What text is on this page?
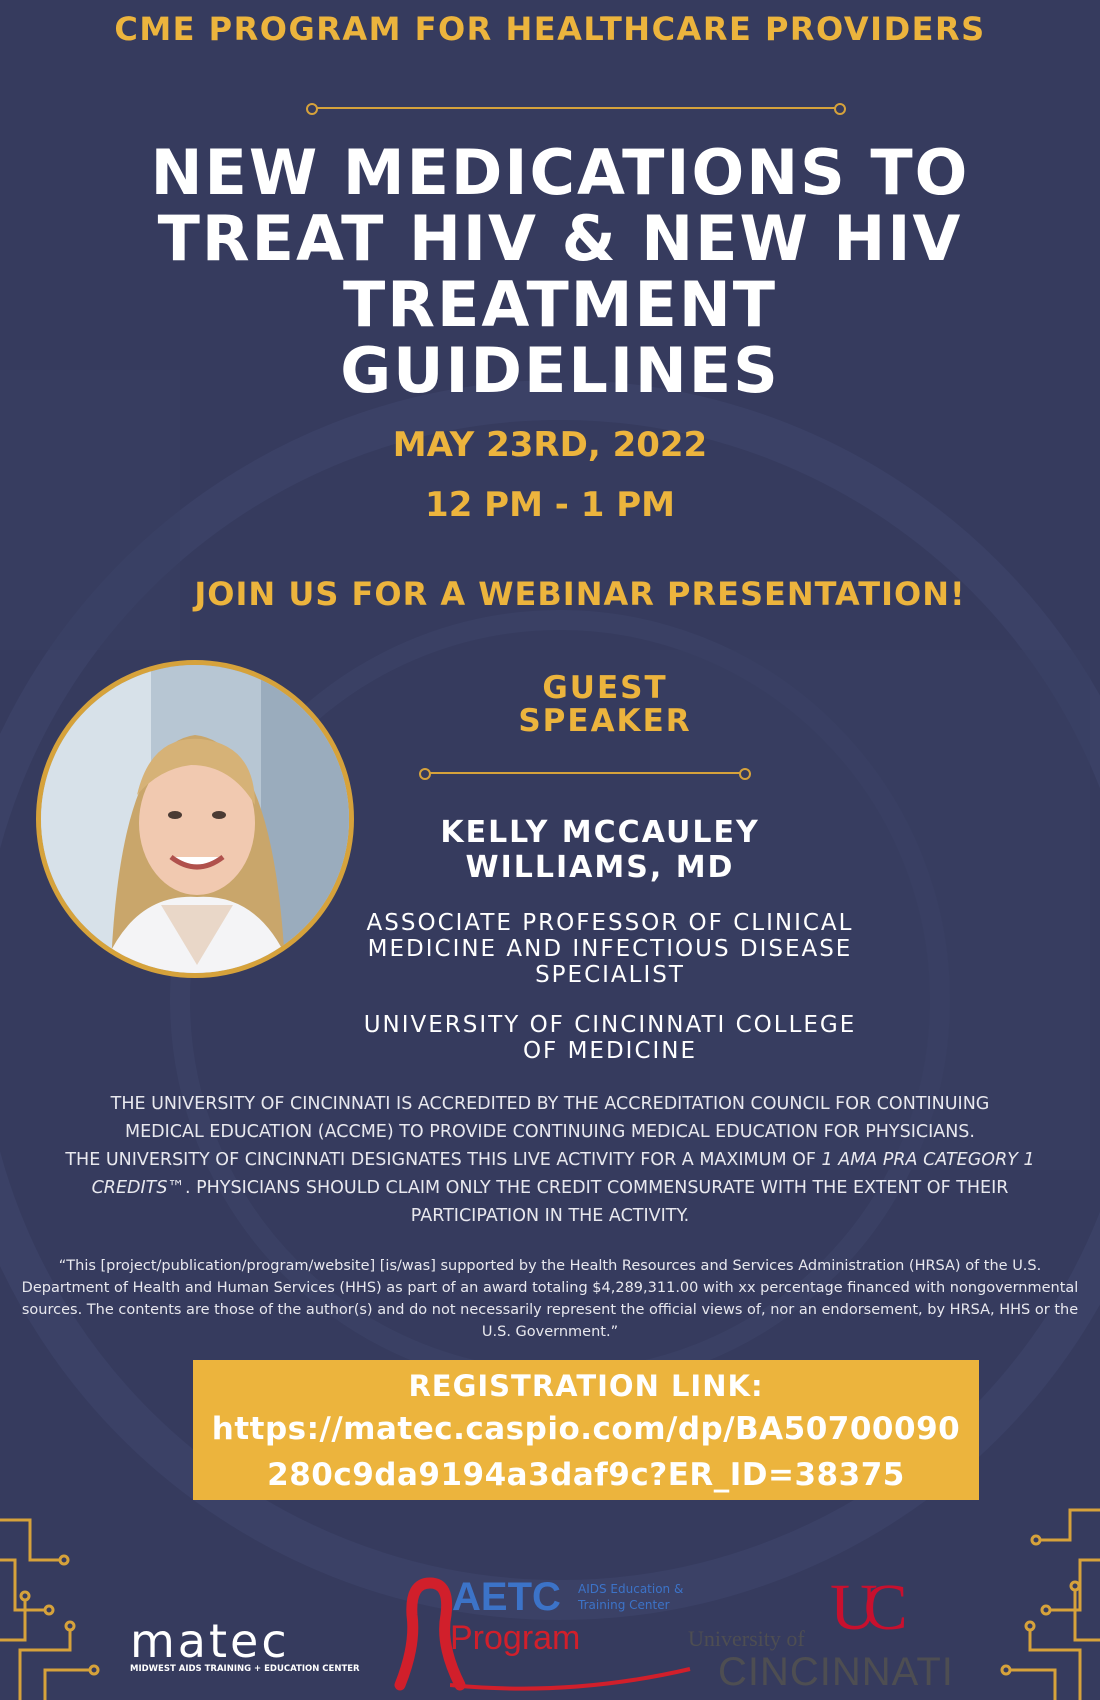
CME PROGRAM FOR HEALTHCARE PROVIDERS
NEW MEDICATIONS TO TREAT HIV & NEW HIV TREATMENT GUIDELINES
MAY 23RD, 2022
12 PM - 1 PM
JOIN US FOR A WEBINAR PRESENTATION!
GUEST
SPEAKER
KELLY MCCAULEY
WILLIAMS, MD
ASSOCIATE PROFESSOR OF CLINICAL
MEDICINE AND INFECTIOUS DISEASE
SPECIALIST
UNIVERSITY OF CINCINNATI COLLEGE
OF MEDICINE
THE UNIVERSITY OF CINCINNATI IS ACCREDITED BY THE ACCREDITATION COUNCIL FOR CONTINUING
MEDICAL EDUCATION (ACCME) TO PROVIDE CONTINUING MEDICAL EDUCATION FOR PHYSICIANS.
THE UNIVERSITY OF CINCINNATI DESIGNATES THIS LIVE ACTIVITY FOR A MAXIMUM OF 1 AMA PRA CATEGORY 1
CREDITS™. PHYSICIANS SHOULD CLAIM ONLY THE CREDIT COMMENSURATE WITH THE EXTENT OF THEIR
PARTICIPATION IN THE ACTIVITY.
“This [project/publication/program/website] [is/was] supported by the Health Resources and Services Administration (HRSA) of the U.S.
Department of Health and Human Services (HHS) as part of an award totaling $4,289,311.00 with xx percentage financed with nongovernmental
sources. The contents are those of the author(s) and do not necessarily represent the official views of, nor an endorsement, by HRSA, HHS or the
U.S. Government.”
REGISTRATION LINK:
https://matec.caspio.com/dp/BA50700090
280c9da9194a3daf9c?ER_ID=38375
matec
MIDWEST AIDS TRAINING + EDUCATION CENTER
AETC
Program
AIDS Education &
Training Center UC
University of
CINCINNATI
